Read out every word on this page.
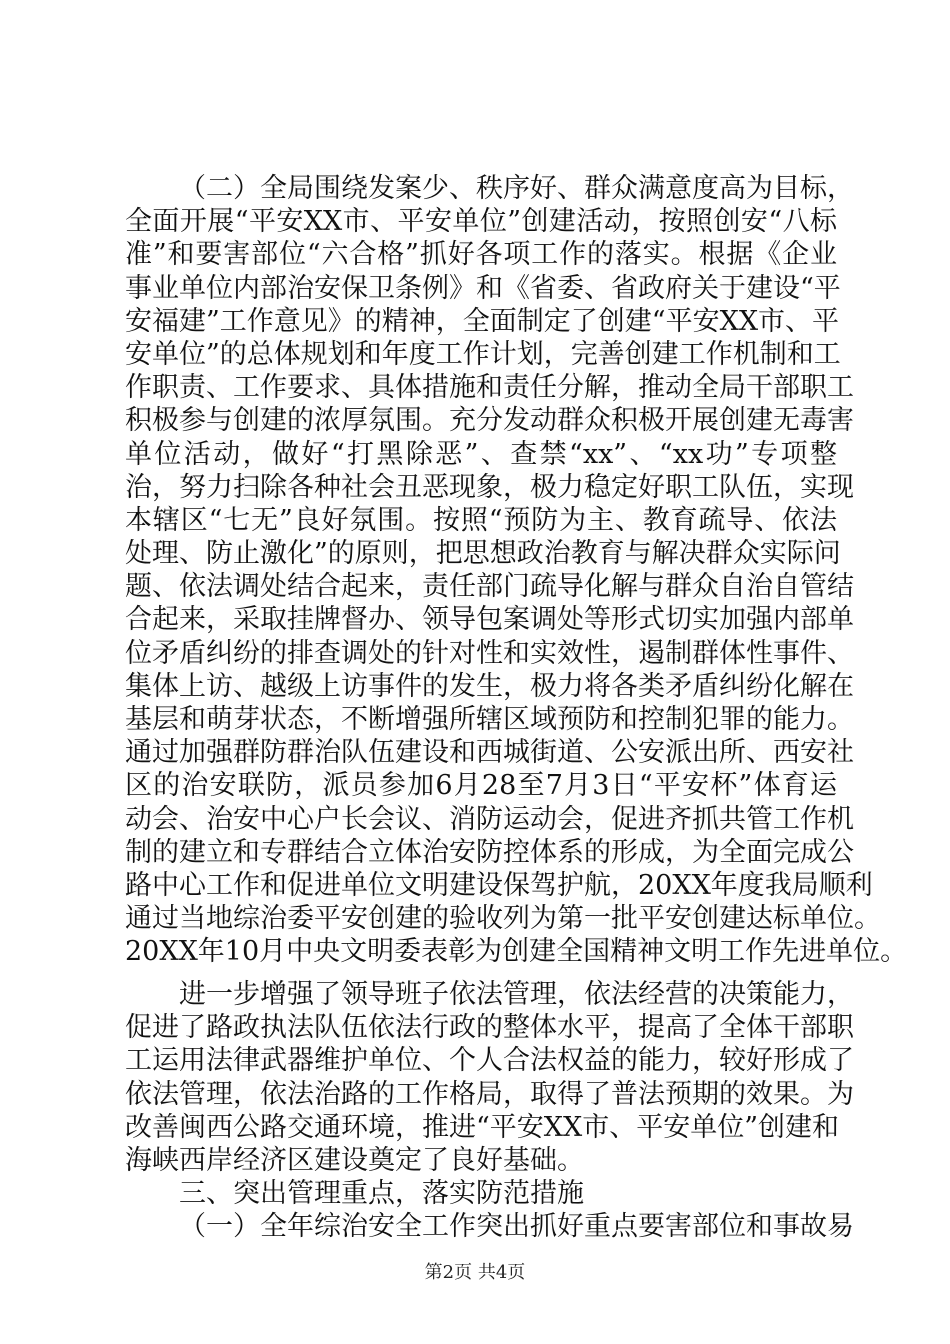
（二）全局围绕发案少、秩序好、群众满意度高为目标，
全面开展“平安XX市、平安单位”创建活动，按照创安“八标
准”和要害部位“六合格”抓好各项工作的落实。根据《企业
事业单位内部治安保卫条例》和《省委、省政府关于建设“平
安福建”工作意见》的精神，全面制定了创建“平安XX市、平
安单位”的总体规划和年度工作计划，完善创建工作机制和工
作职责、工作要求、具体措施和责任分解，推动全局干部职工
积极参与创建的浓厚氛围。充分发动群众积极开展创建无毒害
单位活动，做好“打黑除恶”、查禁“xx”、“xx功”专项整
治，努力扫除各种社会丑恶现象，极力稳定好职工队伍，实现
本辖区“七无”良好氛围。按照“预防为主、教育疏导、依法
处理、防止激化”的原则，把思想政治教育与解决群众实际问
题、依法调处结合起来，责任部门疏导化解与群众自治自管结
合起来，采取挂牌督办、领导包案调处等形式切实加强内部单
位矛盾纠纷的排查调处的针对性和实效性，遏制群体性事件、
集体上访、越级上访事件的发生，极力将各类矛盾纠纷化解在
基层和萌芽状态，不断增强所辖区域预防和控制犯罪的能力。
通过加强群防群治队伍建设和西城街道、公安派出所、西安社
区的治安联防，派员参加6月28至7月3日“平安杯”体育运
动会、治安中心户长会议、消防运动会，促进齐抓共管工作机
制的建立和专群结合立体治安防控体系的形成，为全面完成公
路中心工作和促进单位文明建设保驾护航，20XX年度我局顺利
通过当地综治委平安创建的验收列为第一批平安创建达标单位。
20XX年10月中央文明委表彰为创建全国精神文明工作先进单位。
进一步增强了领导班子依法管理，依法经营的决策能力，
促进了路政执法队伍依法行政的整体水平，提高了全体干部职
工运用法律武器维护单位、个人合法权益的能力，较好形成了
依法管理，依法治路的工作格局，取得了普法预期的效果。为
改善闽西公路交通环境，推进“平安XX市、平安单位”创建和
海峡西岸经济区建设奠定了良好基础。
三、突出管理重点，落实防范措施
（一）全年综治安全工作突出抓好重点要害部位和事故易
第2页 共4页
